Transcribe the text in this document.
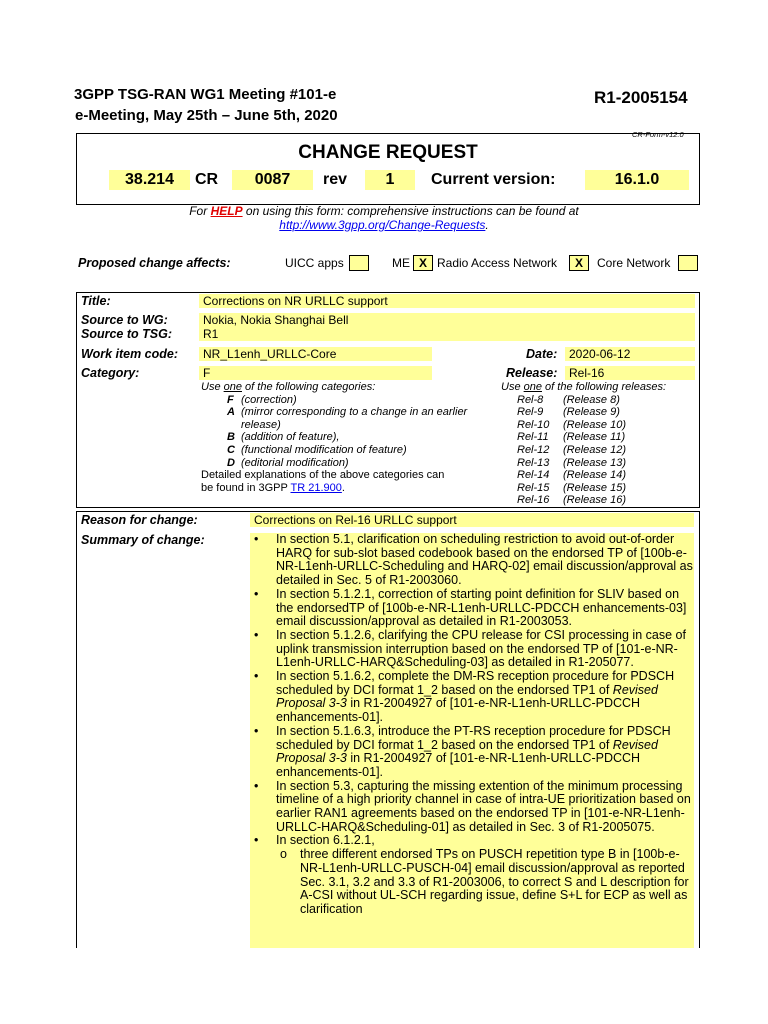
3GPP TSG-RAN WG1 Meeting #101-e
e-Meeting, May 25th – June 5th, 2020
R1-2005154
CR-Form-v12.0
CHANGE REQUEST
38.214	CR	0087	rev	1	Current version:	16.1.0
For HELP on using this form: comprehensive instructions can be found at
http://www.3gpp.org/Change-Requests.
Proposed change affects:	UICC apps	ME X Radio Access Network	X	Core Network
Title:	Corrections on NR URLLC support
Source to WG:	Nokia, Nokia Shanghai Bell
Source to TSG:	R1
Work item code:	NR_L1enh_URLLC-Core	Date: 2020-06-12
Category:	F	Release: Rel-16
Use one of the following categories:
F (correction)
A (mirror corresponding to a change in an earlier
release)
B (addition of feature),
C (functional modification of feature)
D (editorial modification)
Detailed explanations of the above categories can
be found in 3GPP TR 21.900.
Use one of the following releases:
Rel-8 (Release 8)
Rel-9 (Release 9)
Rel-10 (Release 10)
Rel-11 (Release 11)
Rel-12 (Release 12)
Rel-13 (Release 13)
Rel-14 (Release 14)
Rel-15 (Release 15)
Rel-16 (Release 16)
Reason for change:	Corrections on Rel-16 URLLC support
Summary of change:	• In section 5.1, clarification on scheduling restriction to avoid out-of-order HARQ for sub-slot based codebook based on the endorsed TP of [100b-e-NR-L1enh-URLLC-Scheduling and HARQ-02] email discussion/approval as detailed in Sec. 5 of R1-2003060.
• In section 5.1.2.1, correction of starting point definition for SLIV based on the endorsedTP of [100b-e-NR-L1enh-URLLC-PDCCH enhancements-03] email discussion/approval as detailed in R1-2003053.
• In section 5.1.2.6, clarifying the CPU release for CSI processing in case of uplink transmission interruption based on the endorsed TP of [101-e-NR-L1enh-URLLC-HARQ&Scheduling-03] as detailed in R1-205077.
• In section 5.1.6.2, complete the DM-RS reception procedure for PDSCH scheduled by DCI format 1_2 based on the endorsed TP1 of Revised Proposal 3-3 in R1-2004927 of [101-e-NR-L1enh-URLLC-PDCCH enhancements-01].
• In section 5.1.6.3, introduce the PT-RS reception procedure for PDSCH scheduled by DCI format 1_2 based on the endorsed TP1 of Revised Proposal 3-3 in R1-2004927 of [101-e-NR-L1enh-URLLC-PDCCH enhancements-01].
• In section 5.3, capturing the missing extention of the minimum processing timeline of a high priority channel in case of intra-UE prioritization based on earlier RAN1 agreements based on the endorsed TP in [101-e-NR-L1enh-URLLC-HARQ&Scheduling-01] as detailed in Sec. 3 of R1-2005075.
• In section 6.1.2.1,
o three different endorsed TPs on PUSCH repetition type B in [100b-e-NR-L1enh-URLLC-PUSCH-04] email discussion/approval as reported Sec. 3.1, 3.2 and 3.3 of R1-2003006, to correct S and L description for A-CSI without UL-SCH regarding issue, define S+L for ECP as well as clarification
